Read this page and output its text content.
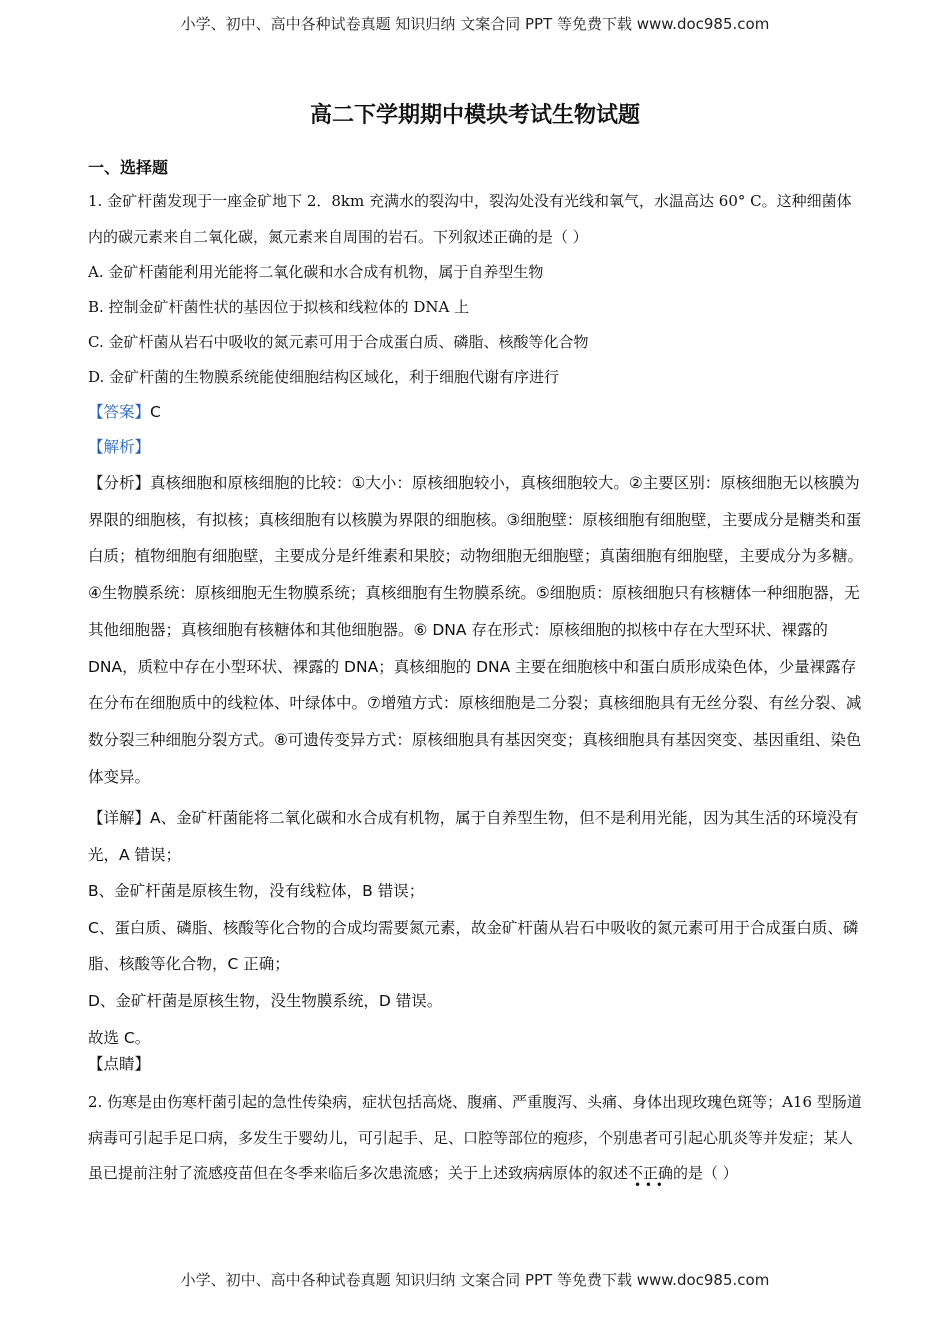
小学、初中、高中各种试卷真题 知识归纳 文案合同 PPT 等免费下载 www.doc985.com
高二下学期期中模块考试生物试题
一、选择题

1. 金矿杆菌发现于一座金矿地下 2．8km 充满水的裂沟中，裂沟处没有光线和氧气，水温高达 60° C。这种细菌体内的碳元素来自二氧化碳，氮元素来自周围的岩石。下列叙述正确的是（ ）

A. 金矿杆菌能利用光能将二氧化碳和水合成有机物，属于自养型生物

B. 控制金矿杆菌性状的基因位于拟核和线粒体的 DNA 上

C. 金矿杆菌从岩石中吸收的氮元素可用于合成蛋白质、磷脂、核酸等化合物

D. 金矿杆菌的生物膜系统能使细胞结构区域化，利于细胞代谢有序进行

【答案】C
【解析】

【分析】真核细胞和原核细胞的比较：①大小：原核细胞较小，真核细胞较大。②主要区别：原核细胞无以核膜为界限的细胞核，有拟核；真核细胞有以核膜为界限的细胞核。③细胞壁：原核细胞有细胞壁，主要成分是糖类和蛋白质；植物细胞有细胞壁，主要成分是纤维素和果胶；动物细胞无细胞壁；真菌细胞有细胞壁，主要成分为多糖。④生物膜系统：原核细胞无生物膜系统；真核细胞有生物膜系统。⑤细胞质：原核细胞只有核糖体一种细胞器，无其他细胞器；真核细胞有核糖体和其他细胞器。⑥ DNA 存在形式：原核细胞的拟核中存在大型环状、裸露的 DNA，质粒中存在小型环状、裸露的 DNA；真核细胞的 DNA 主要在细胞核中和蛋白质形成染色体，少量裸露存在分布在细胞质中的线粒体、叶绿体中。⑦增殖方式：原核细胞是二分裂；真核细胞具有无丝分裂、有丝分裂、减数分裂三种细胞分裂方式。⑧可遗传变异方式：原核细胞具有基因突变；真核细胞具有基因突变、基因重组、染色体变异。

【详解】A、金矿杆菌能将二氧化碳和水合成有机物，属于自养型生物，但不是利用光能，因为其生活的环境没有光，A 错误；

B、金矿杆菌是原核生物，没有线粒体，B 错误；

C、蛋白质、磷脂、核酸等化合物的合成均需要氮元素，故金矿杆菌从岩石中吸收的氮元素可用于合成蛋白质、磷脂、核酸等化合物，C 正确；

D、金矿杆菌是原核生物，没生物膜系统，D 错误。

故选 C。

【点睛】

2. 伤寒是由伤寒杆菌引起的急性传染病，症状包括高烧、腹痛、严重腹泻、头痛、身体出现玫瑰色斑等；A16 型肠道病毒可引起手足口病，多发生于婴幼儿，可引起手、足、口腔等部位的疱疹，个别患者可引起心肌炎等并发症；某人虽已提前注射了流感疫苗但在冬季来临后多次患流感；关于上述致病病原体的叙述不正确
• • •
的是（ ）

小学、初中、高中各种试卷真题 知识归纳 文案合同 PPT 等免费下载 www.doc985.com
